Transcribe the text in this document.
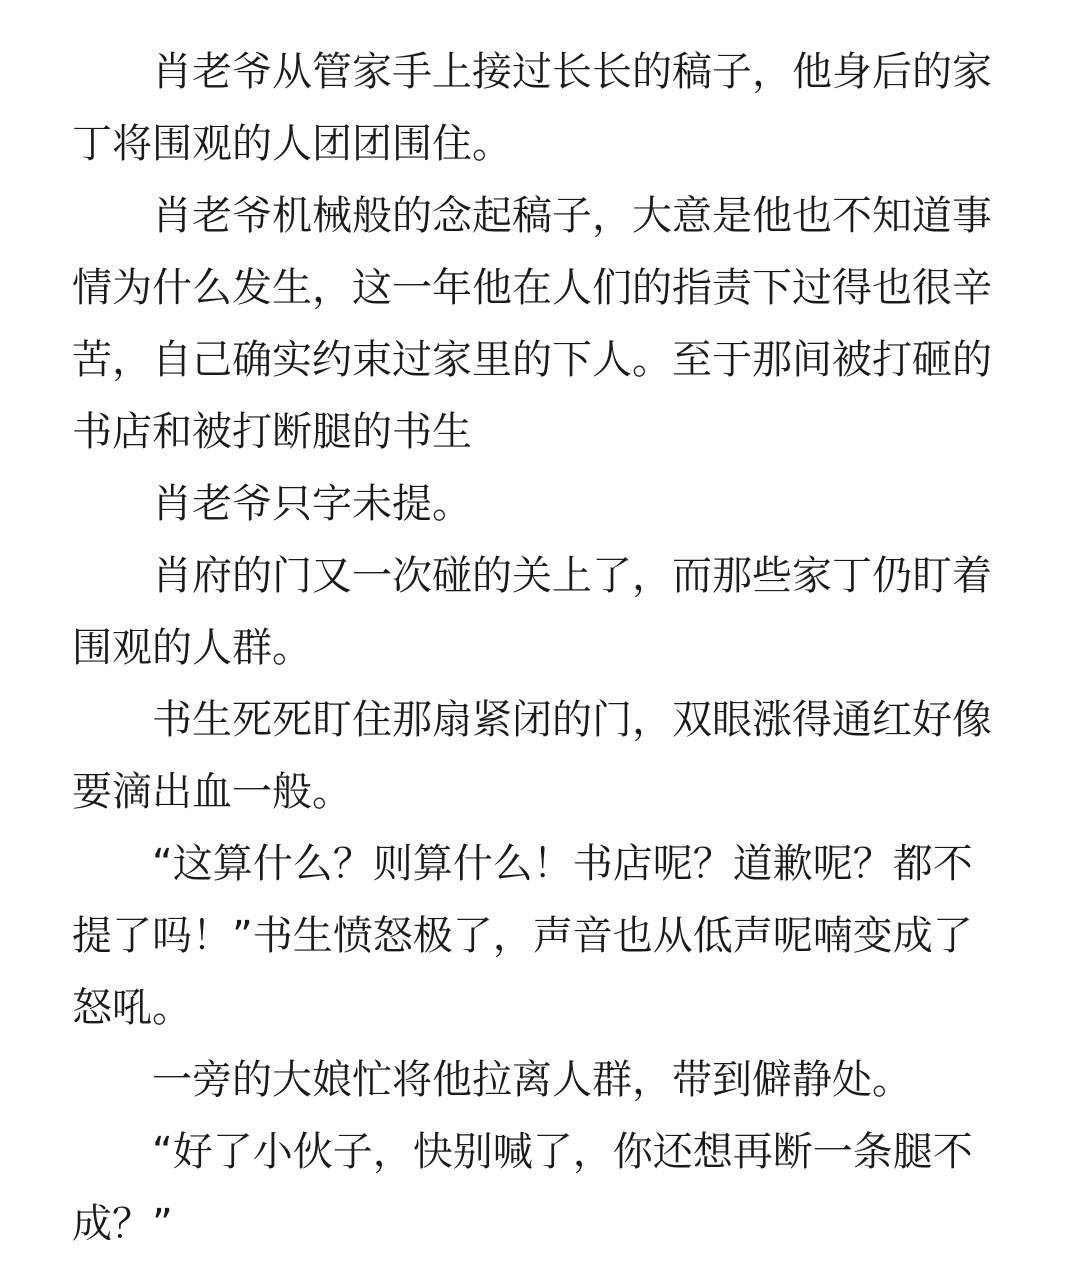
肖老爷从管家手上接过长长的稿子，他身后的家丁将围观的人团团围住。

肖老爷机械般的念起稿子，大意是他也不知道事情为什么发生，这一年他在人们的指责下过得也很辛苦，自己确实约束过家里的下人。至于那间被打砸的书店和被打断腿的书生

肖老爷只字未提。

肖府的门又一次碰的关上了，而那些家丁仍盯着围观的人群。

书生死死盯住那扇紧闭的门，双眼涨得通红好像要滴出血一般。

“这算什么？则算什么！书店呢？道歉呢？都不提了吗！”书生愤怒极了，声音也从低声呢喃变成了怒吼。

一旁的大娘忙将他拉离人群，带到僻静处。

“好了小伙子，快别喊了，你还想再断一条腿不成？”
